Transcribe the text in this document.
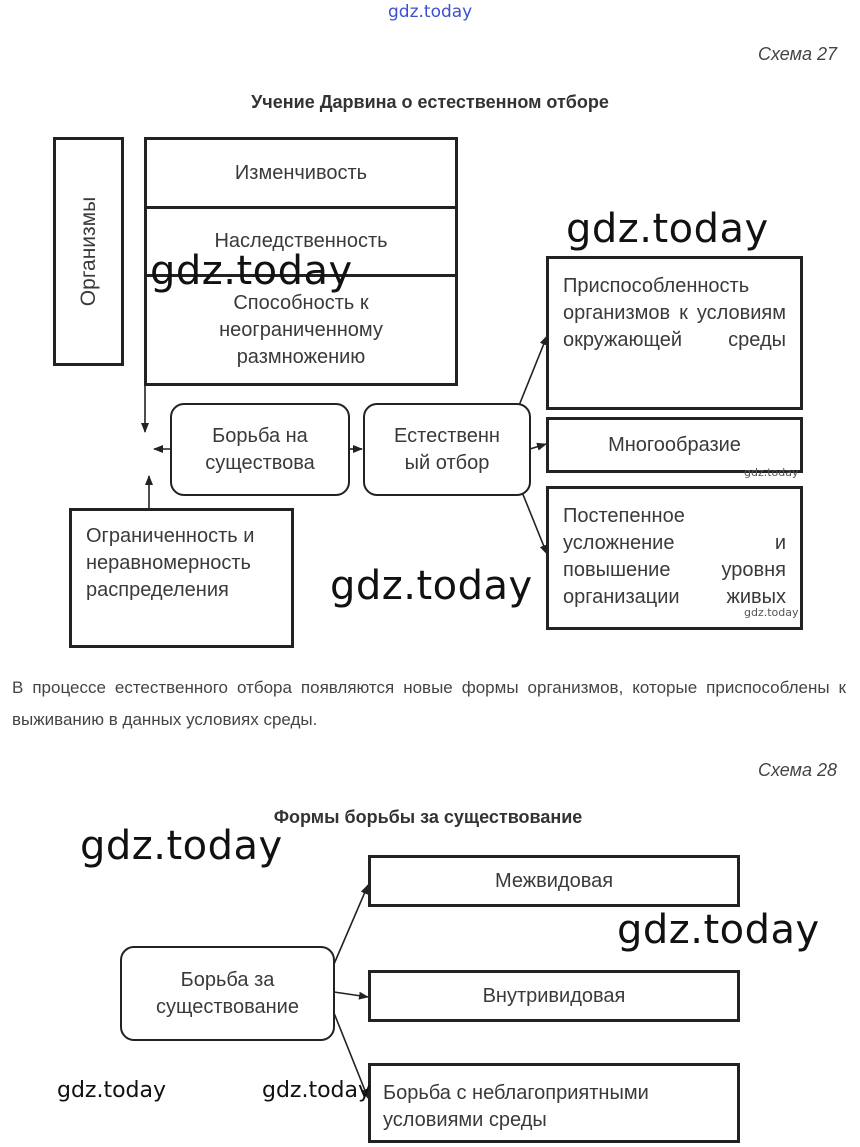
gdz.today
Схема 27
Учение Дарвина о естественном отборе
Организмы
Изменчивость
Наследственность
Способность к неограниченному размножению
Борьба на существова
Естественн ый отбор
Ограниченность и неравномерность распределения
Приспособленность организмов к условиям окружающей среды
Многообразие
Постепенное усложнение и повышение уровня организации живых
gdz.today
gdz.today
gdz.today
gdz.today
gdz.today
В процессе естественного отбора появляются новые формы организмов, которые приспособлены к выживанию в данных условиях среды.
Схема 28
Формы борьбы за существование
Борьба за существование
Межвидовая
Внутривидовая
Борьба с неблагоприятными условиями среды
gdz.today
gdz.today
gdz.today	gdz.today
